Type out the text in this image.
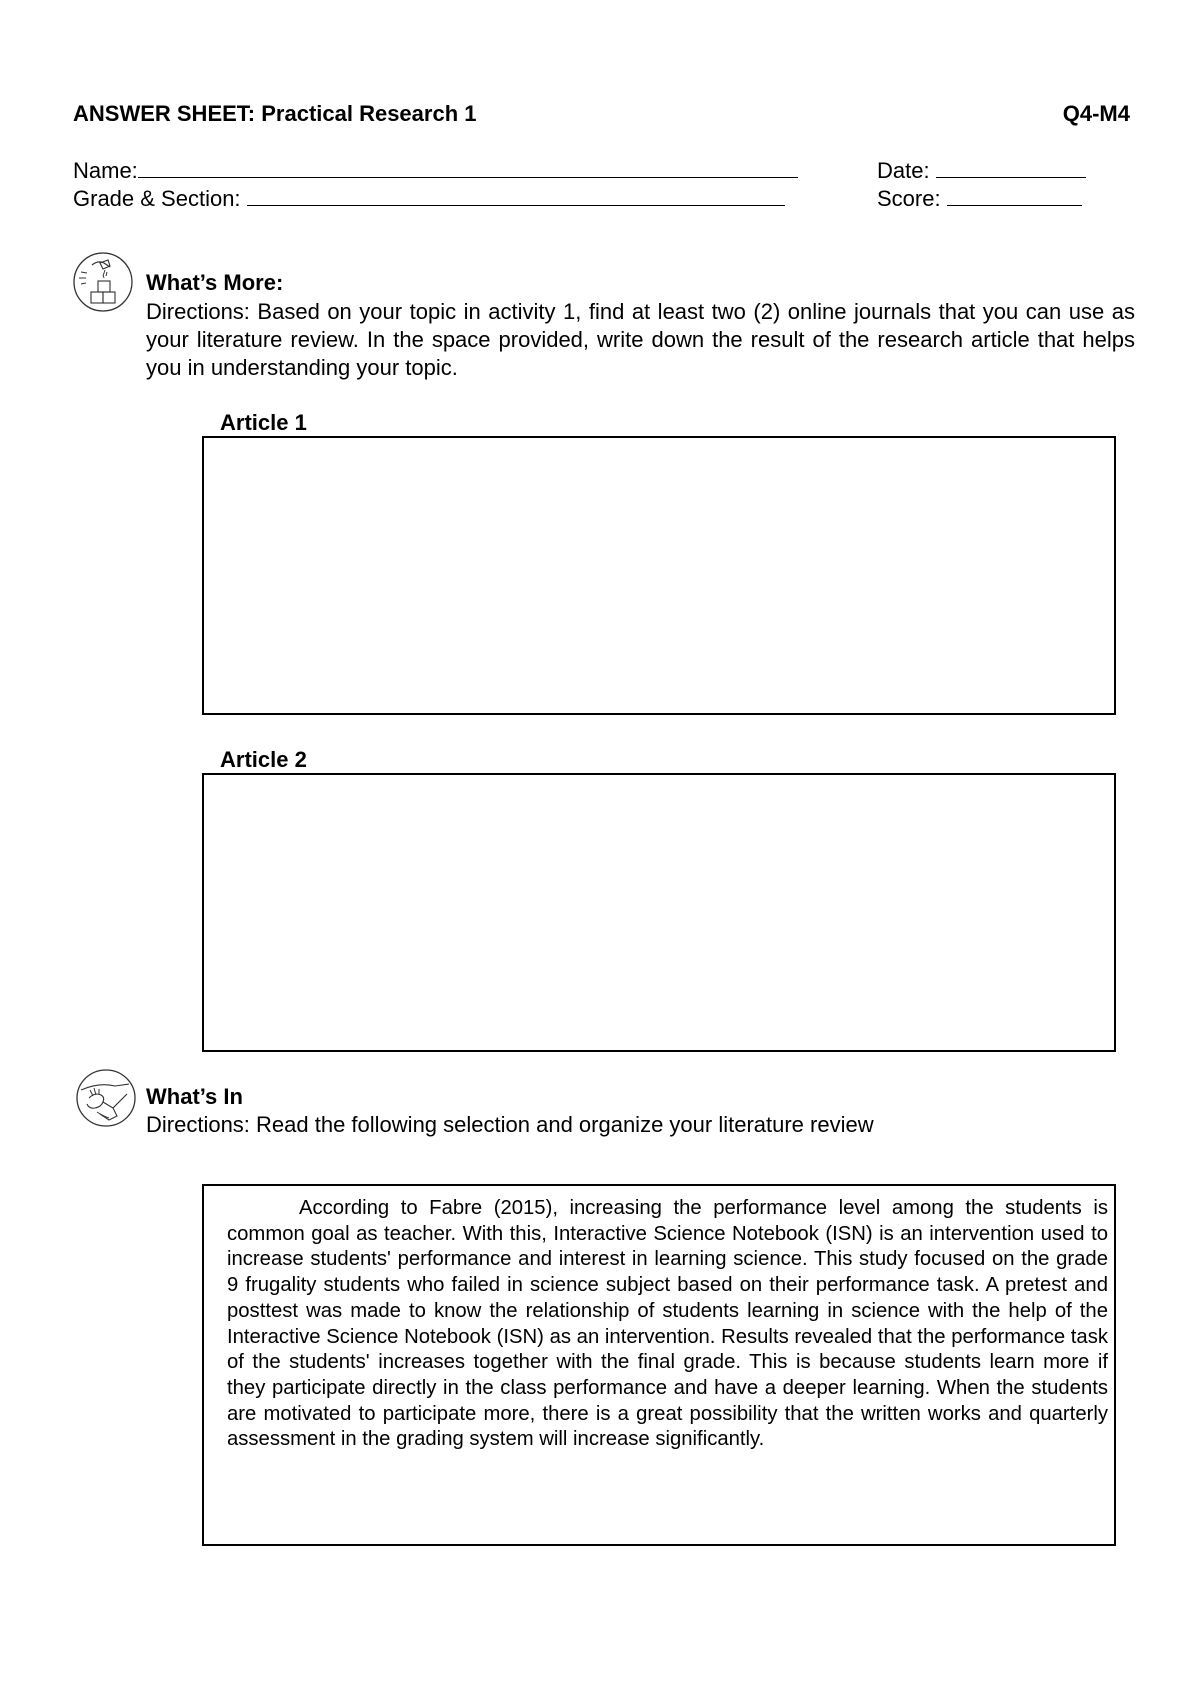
ANSWER SHEET: Practical Research 1	Q4-M4
Name:
Grade & Section:
Date:
Score:
What’s More:
Directions: Based on your topic in activity 1, find at least two (2) online journals that you can use as your literature review. In the space provided, write down the result of the research article that helps you in understanding your topic.
Article 1
Article 2
What’s In
Directions: Read the following selection and organize your literature review

According to Fabre (2015), increasing the performance level among the students is common goal as teacher. With this, Interactive Science Notebook (ISN) is an intervention used to increase students' performance and interest in learning science. This study focused on the grade 9 frugality students who failed in science subject based on their performance task. A pretest and posttest was made to know the relationship of students learning in science with the help of the Interactive Science Notebook (ISN) as an intervention. Results revealed that the performance task of the students' increases together with the final grade. This is because students learn more if they participate directly in the class performance and have a deeper learning. When the students are motivated to participate more, there is a great possibility that the written works and quarterly assessment in the grading system will increase significantly.
